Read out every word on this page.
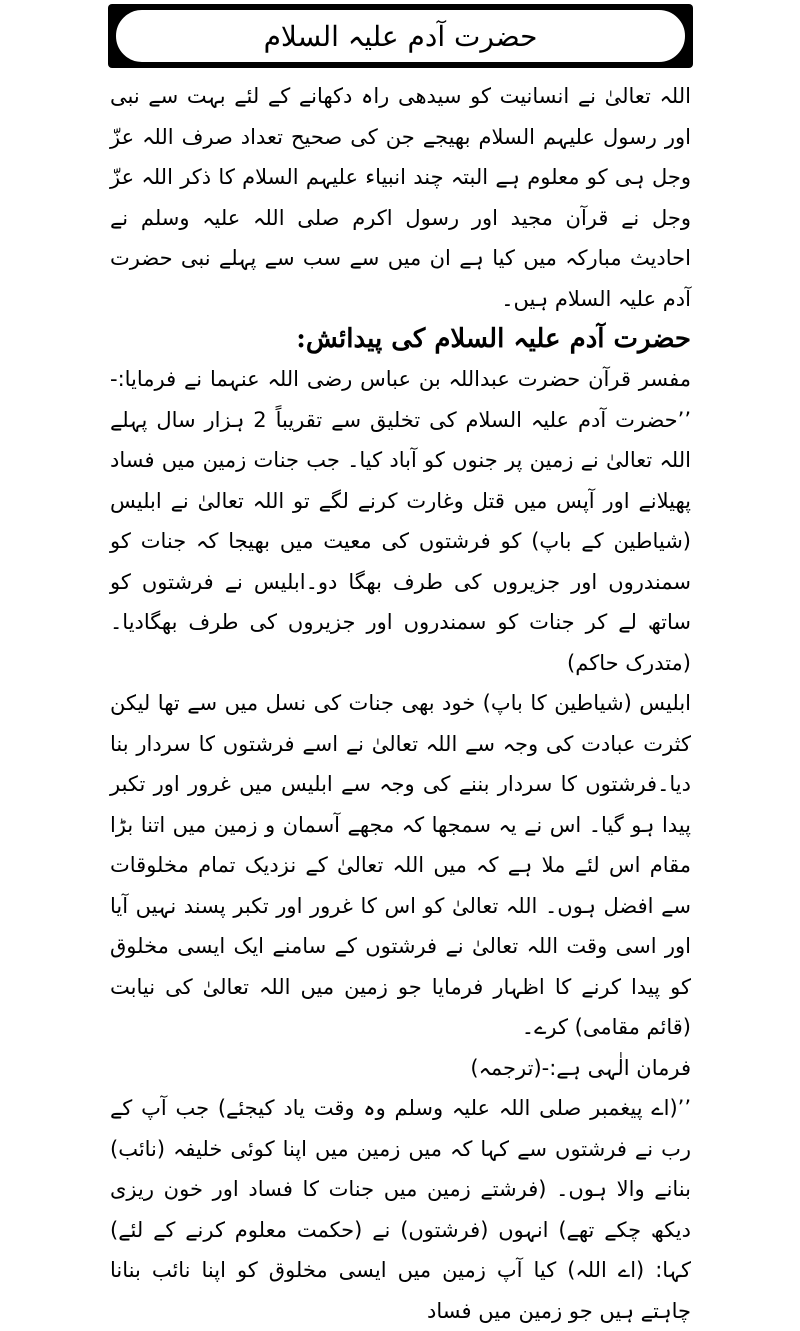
حضرت آدم علیہ السلام

اللہ تعالیٰ نے انسانیت کو سیدھی راہ دکھانے کے لئے بہت سے نبی اور رسول علیہم السلام بھیجے جن کی صحیح تعداد صرف اللہ عزّ وجل ہی کو معلوم ہے البتہ چند انبیاء علیہم السلام کا ذکر اللہ عزّ وجل نے قرآن مجید اور رسول اکرم صلی اللہ علیہ وسلم نے احادیث مبارکہ میں کیا ہے ان میں سے سب سے پہلے نبی حضرت آدم علیہ السلام ہیں۔

حضرت آدم علیہ السلام کی پیدائش:

مفسر قرآن حضرت عبداللہ بن عباس رضی اللہ عنہما نے فرمایا:- ’’حضرت آدم علیہ السلام کی تخلیق سے تقریباً 2 ہزار سال پہلے اللہ تعالیٰ نے زمین پر جنوں کو آباد کیا۔ جب جنات زمین میں فساد پھیلانے اور آپس میں قتل وغارت کرنے لگے تو اللہ تعالیٰ نے ابلیس (شیاطین کے باپ) کو فرشتوں کی معیت میں بھیجا کہ جنات کو سمندروں اور جزیروں کی طرف بھگا دو۔ابلیس نے فرشتوں کو ساتھ لے کر جنات کو سمندروں اور جزیروں کی طرف بھگادیا۔(متدرک حاکم)

ابلیس (شیاطین کا باپ) خود بھی جنات کی نسل میں سے تھا لیکن کثرت عبادت کی وجہ سے اللہ تعالیٰ نے اسے فرشتوں کا سردار بنا دیا۔فرشتوں کا سردار بننے کی وجہ سے ابلیس میں غرور اور تکبر پیدا ہو گیا۔ اس نے یہ سمجھا کہ مجھے آسمان و زمین میں اتنا بڑا مقام اس لئے ملا ہے کہ میں اللہ تعالیٰ کے نزدیک تمام مخلوقات سے افضل ہوں۔ اللہ تعالیٰ کو اس کا غرور اور تکبر پسند نہیں آیا اور اسی وقت اللہ تعالیٰ نے فرشتوں کے سامنے ایک ایسی مخلوق کو پیدا کرنے کا اظہار فرمایا جو زمین میں اللہ تعالیٰ کی نیابت (قائم مقامی) کرے۔

فرمان الٰہی ہے:-(ترجمہ)

’’(اے پیغمبر صلی اللہ علیہ وسلم وہ وقت یاد کیجئے) جب آپ کے رب نے فرشتوں سے کہا کہ میں زمین میں اپنا کوئی خلیفہ (نائب) بنانے والا ہوں۔ (فرشتے زمین میں جنات کا فساد اور خون ریزی دیکھ چکے تھے) انہوں (فرشتوں) نے (حکمت معلوم کرنے کے لئے) کہا: (اے اللہ) کیا آپ زمین میں ایسی مخلوق کو اپنا نائب بنانا چاہتے ہیں جو زمین میں فساد
